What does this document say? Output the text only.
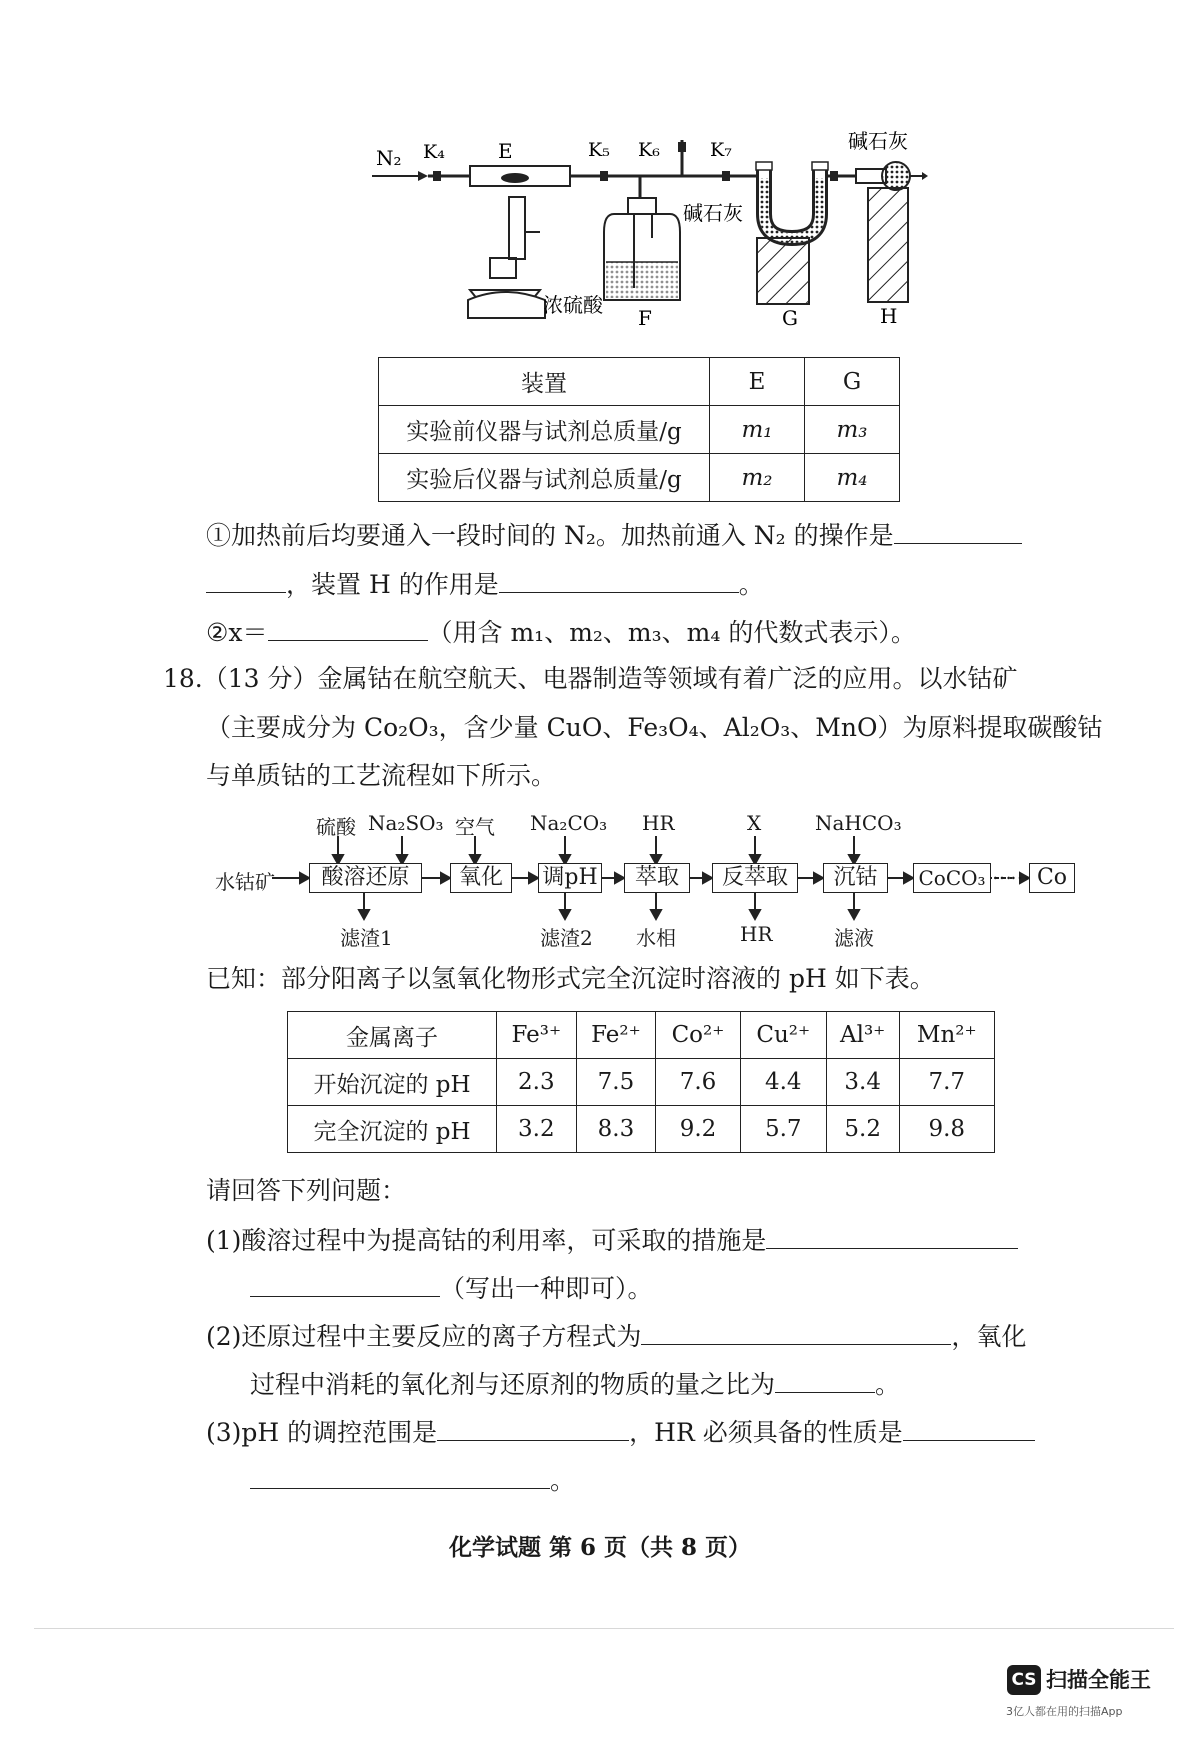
N₂ K₄	E	K₅ K₆	K₇	碱石灰
碱石灰
浓硫酸
F	G	H
装置	E	G
实验前仪器与试剂总质量/g	m₁	m₃
实验后仪器与试剂总质量/g	m₂	m₄
①加热前后均要通入一段时间的 N₂。加热前通入 N₂ 的操作是
，装置 H 的作用是	。
②x＝	（用含 m₁、m₂、m₃、m₄ 的代数式表示）。
18.（13 分）金属钴在航空航天、电器制造等领域有着广泛的应用。以水钴矿
（主要成分为 Co₂O₃，含少量 CuO、Fe₃O₄、Al₂O₃、MnO）为原料提取碳酸钴
与单质钴的工艺流程如下所示。
水钴矿	酸溶还原	氧化	调pH	萃取	反萃取	沉钴	CoCO₃	Co
硫酸 Na₂SO₃ 空气 Na₂CO₃ HR	X	NaHCO₃
滤渣1	滤渣2 水相	HR	滤液
……
已知：部分阳离子以氢氧化物形式完全沉淀时溶液的 pH 如下表。
金属离子	Fe³⁺	Fe²⁺	Co²⁺	Cu²⁺	Al³⁺	Mn²⁺
开始沉淀的 pH	2.3	7.5	7.6	4.4	3.4	7.7
完全沉淀的 pH	3.2	8.3	9.2	5.7	5.2	9.8
请回答下列问题：
(1)酸溶过程中为提高钴的利用率，可采取的措施是
（写出一种即可）。
(2)还原过程中主要反应的离子方程式为	，氧化
过程中消耗的氧化剂与还原剂的物质的量之比为	。
(3)pH 的调控范围是	，HR 必须具备的性质是
。
化学试题 第 6 页（共 8 页）
CS 扫描全能王
3亿人都在用的扫描App
